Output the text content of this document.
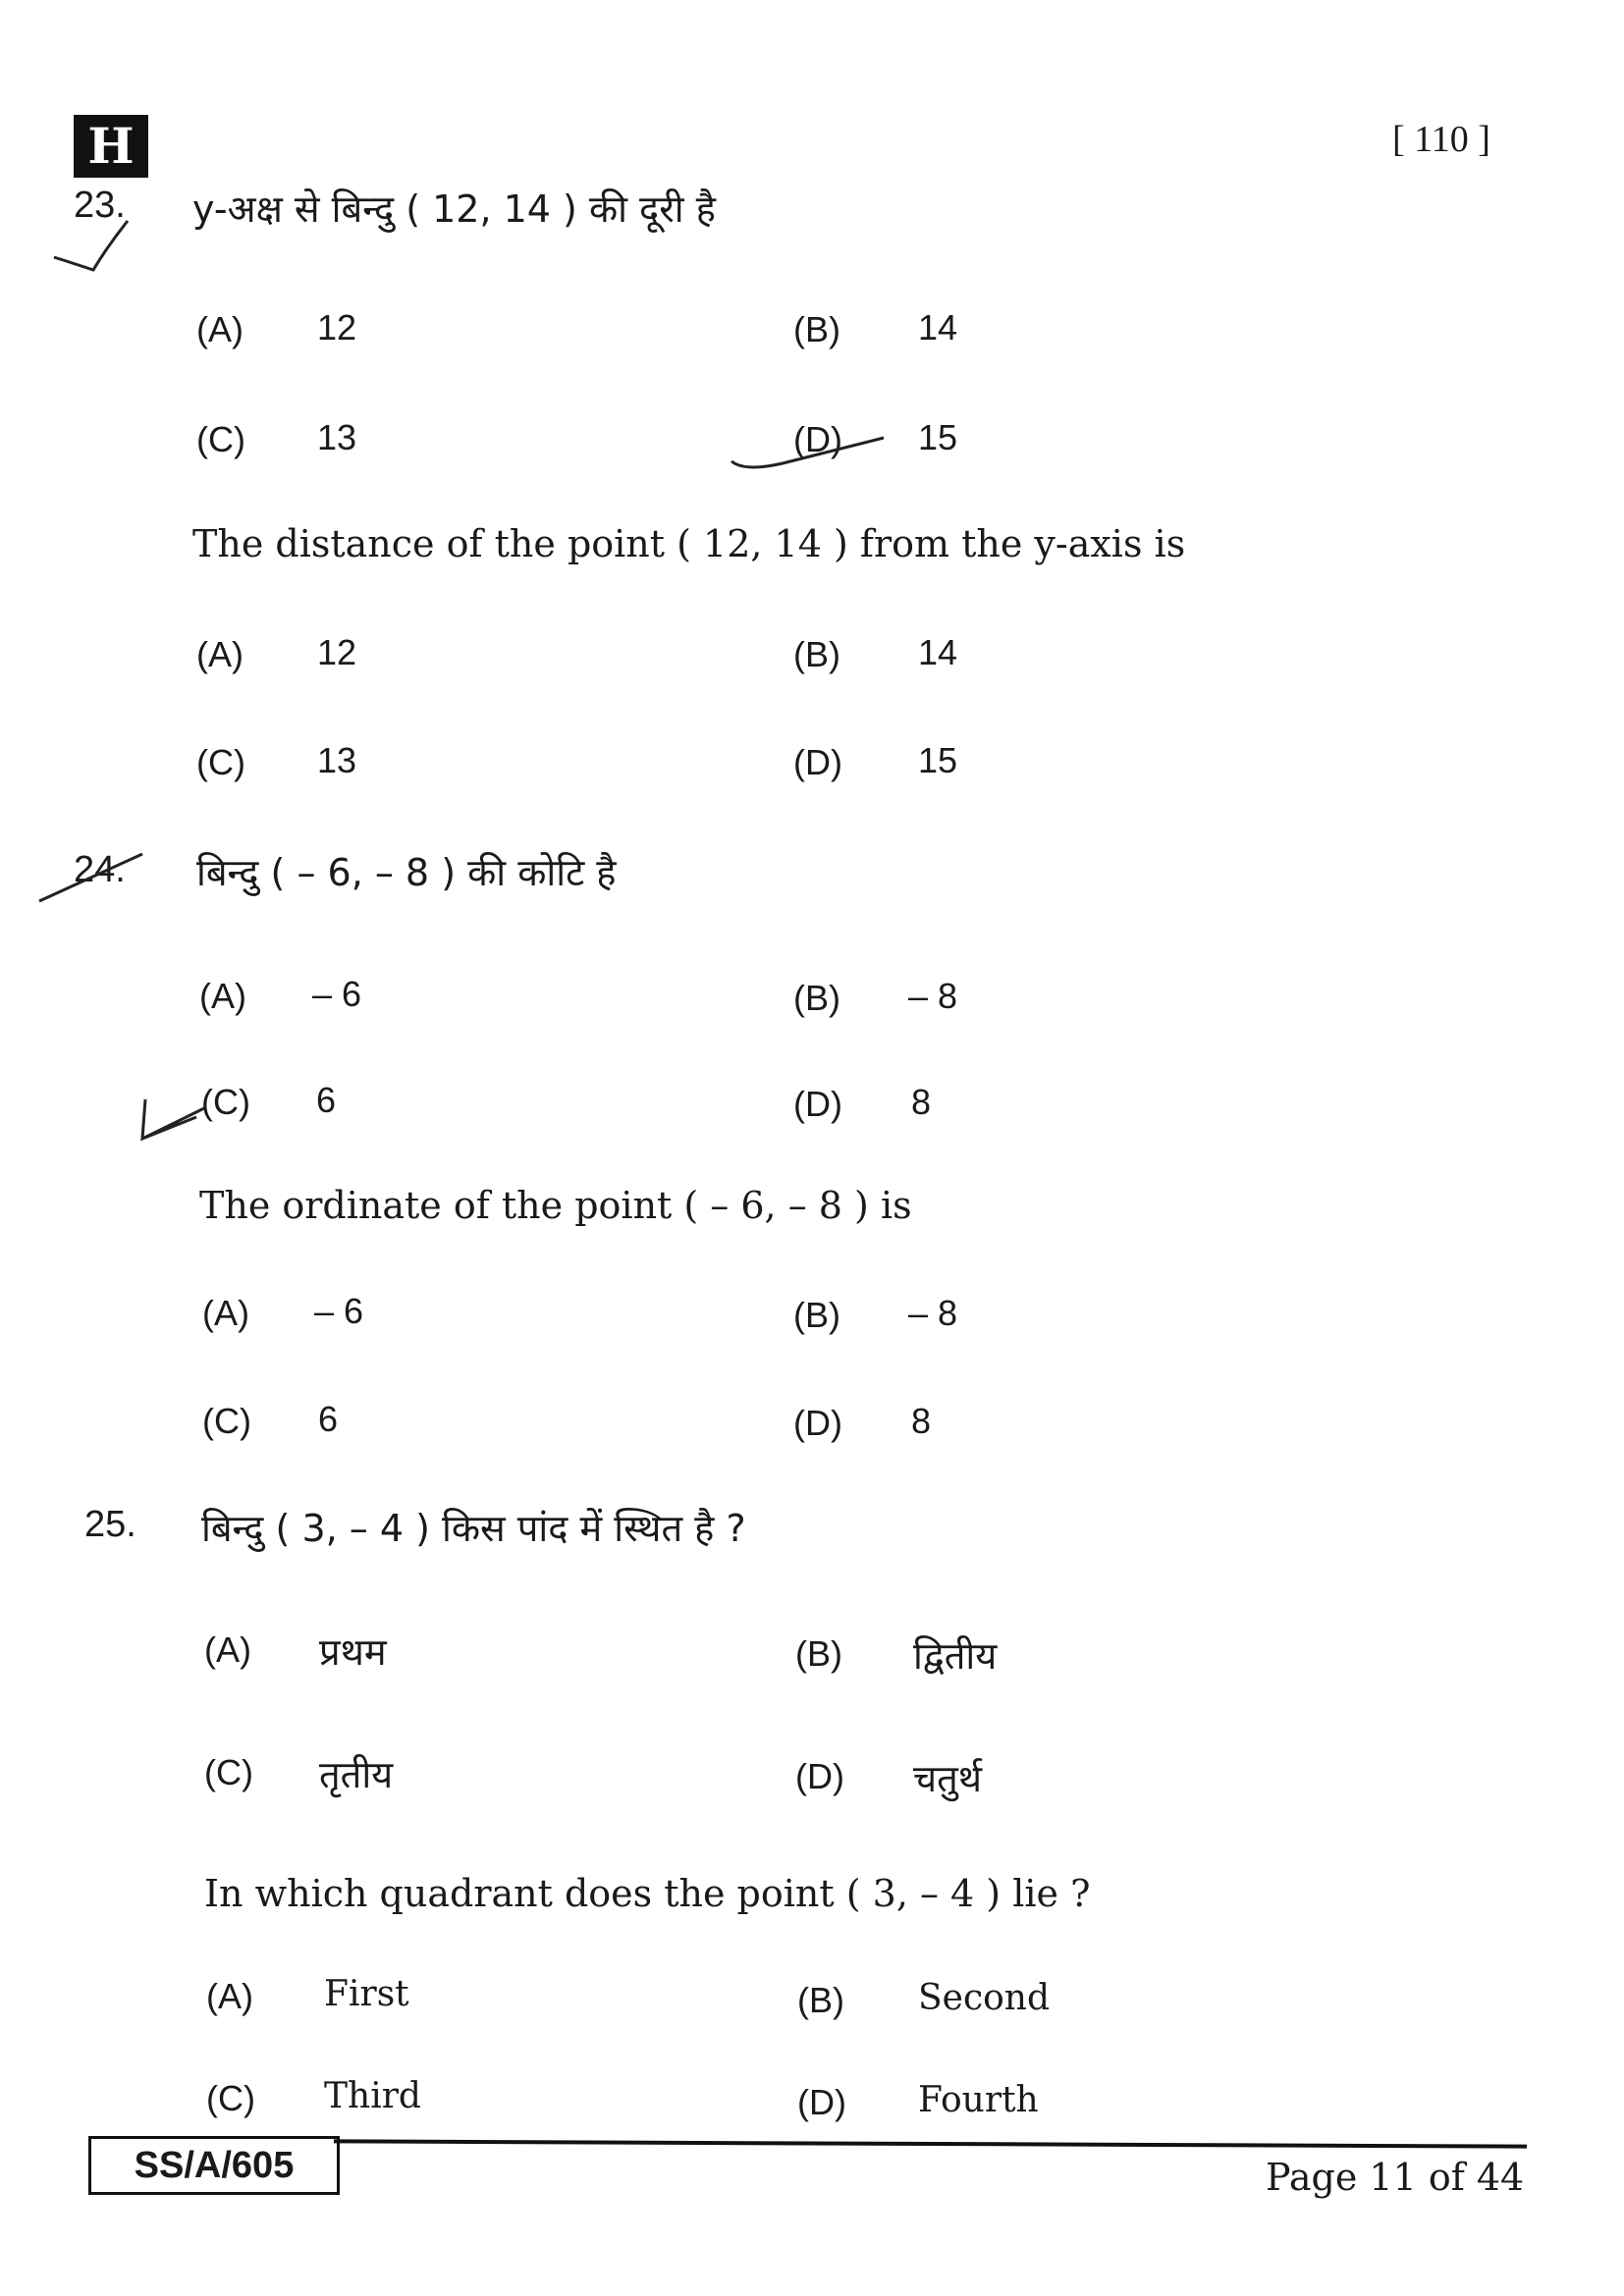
H	[ 110 ]
23. y-अक्ष से बिन्दु ( 12, 14 ) की दूरी है
(A) 12	(B) 14
(C) 13	(D) 15
The distance of the point ( 12, 14 ) from the y-axis is
(A) 12	(B) 14
(C) 13	(D) 15
24. बिन्दु ( – 6, – 8 ) की कोटि है
(A) – 6	(B) – 8
(C) 6	(D) 8
The ordinate of the point ( – 6, – 8 ) is
(A) – 6	(B) – 8
(C) 6	(D) 8
25. बिन्दु ( 3, – 4 ) किस पांद में स्थित है ?
(A) प्रथम	(B) द्वितीय
(C) तृतीय	(D) चतुर्थ
In which quadrant does the point ( 3, – 4 ) lie ?
(A) First	(B) Second
(C) Third	(D) Fourth
SS/A/605	Page 11 of 44
